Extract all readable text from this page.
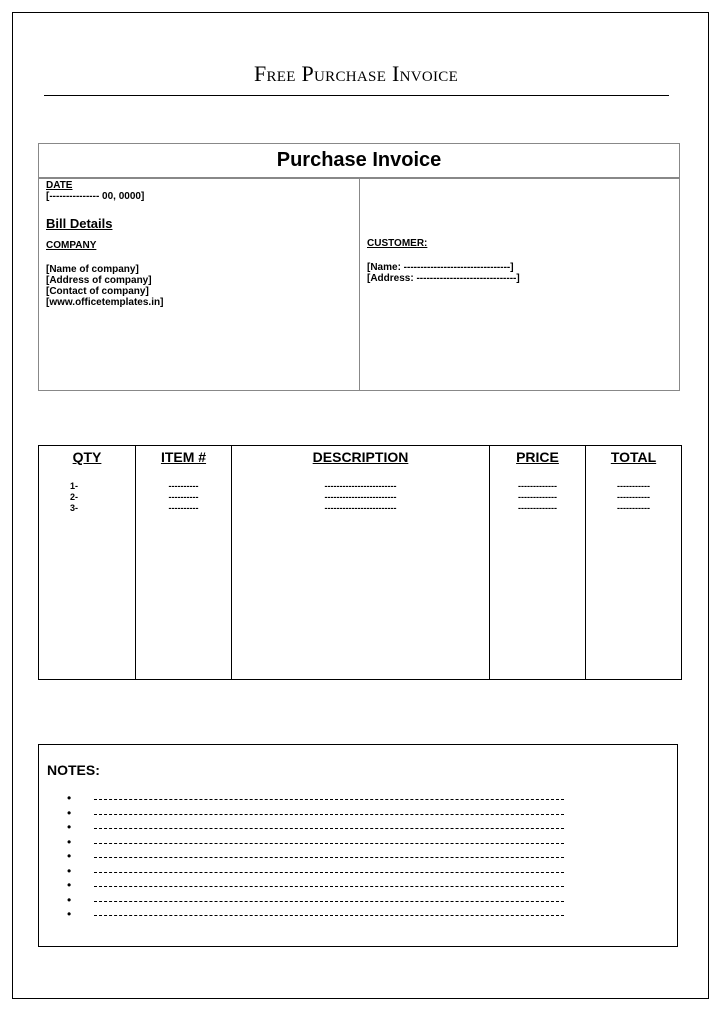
Free Purchase Invoice
Purchase Invoice
DATE
[--------------- 00, 0000]
Bill Details
COMPANY
[Name of company]
[Address of company]
[Contact of company]
[www.officetemplates.in]
CUSTOMER:
[Name: --------------------------------]
[Address: ------------------------------]
QTY
1-
2-
3-
ITEM #
----------
----------
----------
DESCRIPTION
------------------------
------------------------
------------------------
PRICE
-------------
-------------
-------------
TOTAL
-----------
-----------
-----------
NOTES:
•
•
•
•
•
•
•
•
•
